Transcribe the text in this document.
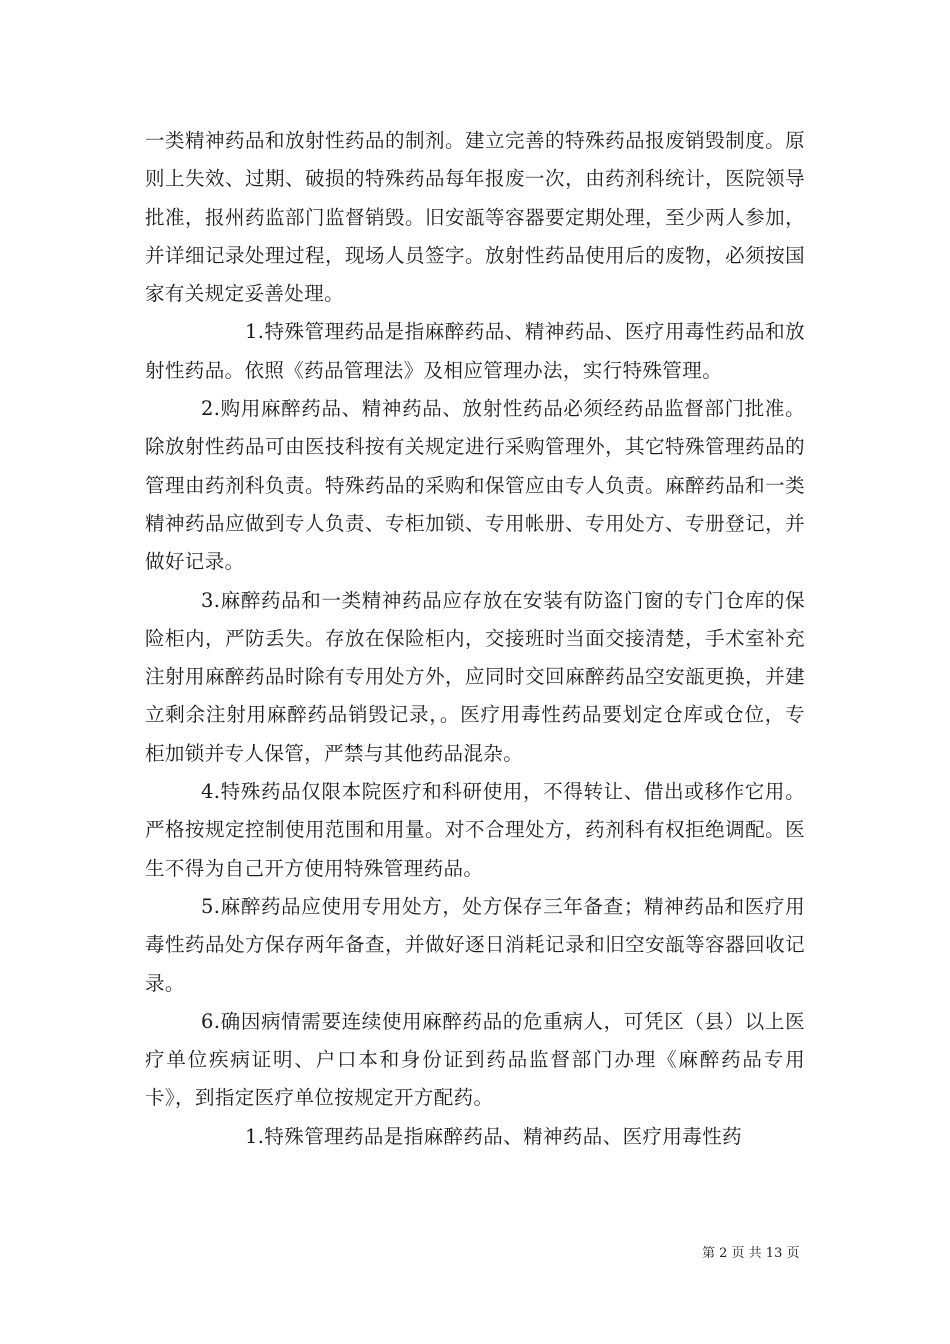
一类精神药品和放射性药品的制剂。建立完善的特殊药品报废销毁制度。原则上失效、过期、破损的特殊药品每年报废一次，由药剂科统计，医院领导批准，报州药监部门监督销毁。旧安瓿等容器要定期处理，至少两人参加，并详细记录处理过程，现场人员签字。放射性药品使用后的废物，必须按国家有关规定妥善处理。

1.特殊管理药品是指麻醉药品、精神药品、医疗用毒性药品和放射性药品。依照《药品管理法》及相应管理办法，实行特殊管理。

2.购用麻醉药品、精神药品、放射性药品必须经药品监督部门批准。除放射性药品可由医技科按有关规定进行采购管理外，其它特殊管理药品的管理由药剂科负责。特殊药品的采购和保管应由专人负责。麻醉药品和一类精神药品应做到专人负责、专柜加锁、专用帐册、专用处方、专册登记，并做好记录。

3.麻醉药品和一类精神药品应存放在安装有防盗门窗的专门仓库的保险柜内，严防丢失。存放在保险柜内，交接班时当面交接清楚，手术室补充注射用麻醉药品时除有专用处方外，应同时交回麻醉药品空安瓿更换，并建立剩余注射用麻醉药品销毁记录，。医疗用毒性药品要划定仓库或仓位，专柜加锁并专人保管，严禁与其他药品混杂。

4.特殊药品仅限本院医疗和科研使用，不得转让、借出或移作它用。严格按规定控制使用范围和用量。对不合理处方，药剂科有权拒绝调配。医生不得为自己开方使用特殊管理药品。

5.麻醉药品应使用专用处方，处方保存三年备查；精神药品和医疗用毒性药品处方保存两年备查，并做好逐日消耗记录和旧空安瓿等容器回收记录。

6.确因病情需要连续使用麻醉药品的危重病人，可凭区（县）以上医疗单位疾病证明、户口本和身份证到药品监督部门办理《麻醉药品专用卡》，到指定医疗单位按规定开方配药。

1.特殊管理药品是指麻醉药品、精神药品、医疗用毒性药

第 2 页 共 13 页
